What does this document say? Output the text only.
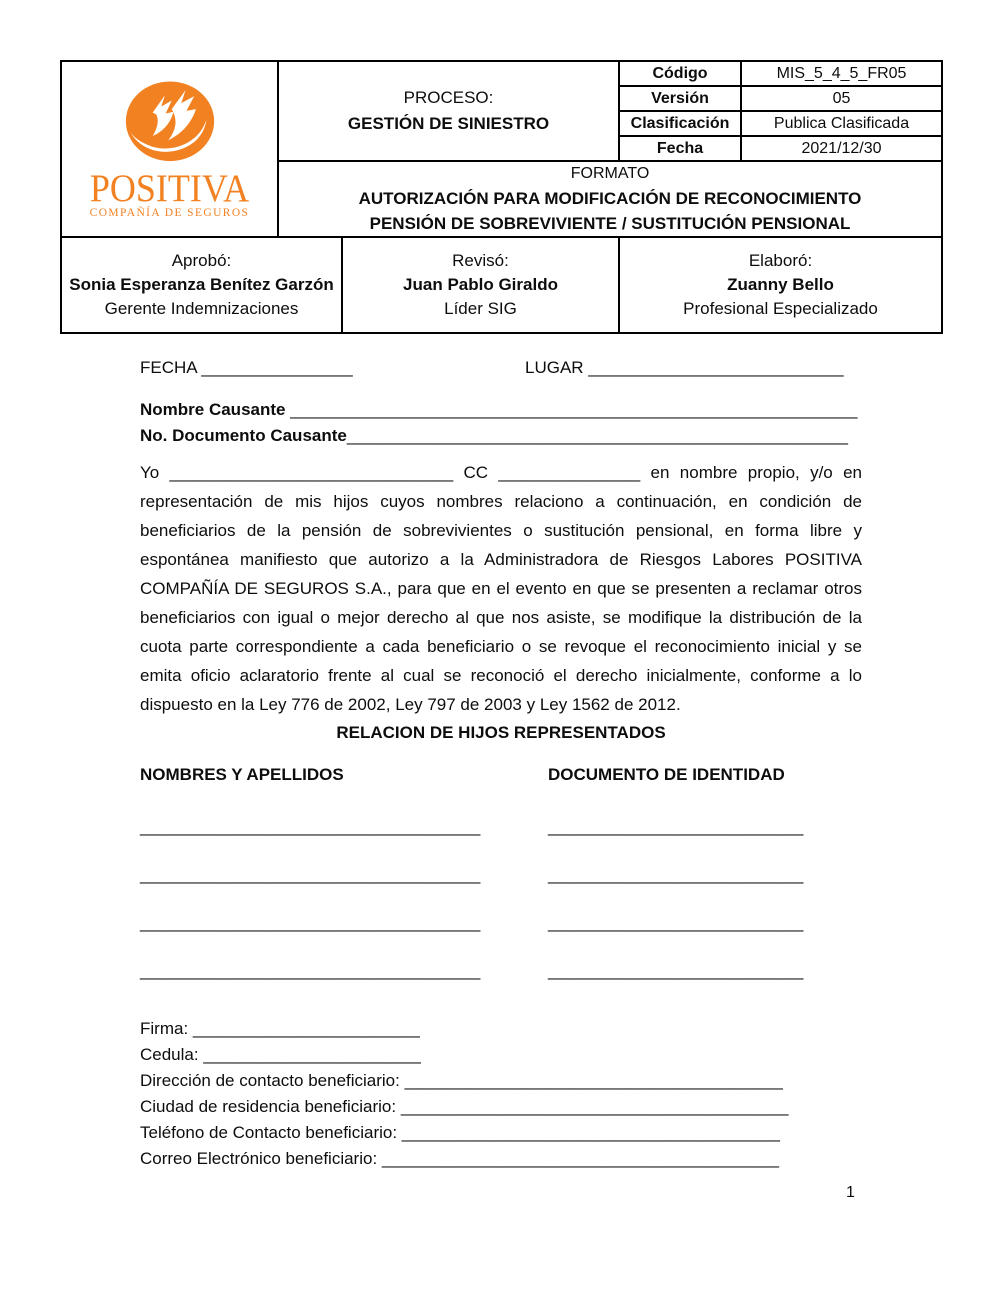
POSITIVA
COMPAÑÍA DE SEGUROS

PROCESO:
GESTIÓN DE SINIESTRO
	Código	MIS_5_4_5_FR05
			Versión	05
			Clasificación	Publica Clasificada
			Fecha	2021/12/30

	FORMATO
AUTORIZACIÓN PARA MODIFICACIÓN DE RECONOCIMIENTO
PENSIÓN DE SOBREVIVIENTE / SUSTITUCIÓN PENSIONAL			

Aprobó:
Sonia Esperanza Benítez Garzón
Gerente Indemnizaciones

Revisó:
Juan Pablo Giraldo
Líder SIG

Elaboró:
Zuanny Bello
Profesional Especializado
FECHA ________________	LUGAR ___________________________
Nombre Causante ____________________________________________________________
No. Documento Causante_____________________________________________________

Yo ______________________________ CC _______________ en nombre propio, y/o en representación de mis hijos cuyos nombres relaciono a continuación, en condición de beneficiarios de la pensión de sobrevivientes o sustitución pensional, en forma libre y espontánea manifiesto que autorizo a la Administradora de Riesgos Labores POSITIVA COMPAÑÍA DE SEGUROS S.A., para que en el evento en que se presenten a reclamar otros beneficiarios con igual o mejor derecho al que nos asiste, se modifique la distribución de la cuota parte correspondiente a cada beneficiario o se revoque el reconocimiento inicial y se emita oficio aclaratorio frente al cual se reconoció el derecho inicialmente, conforme a lo dispuesto en la Ley 776 de 2002, Ley 797 de 2003 y Ley 1562 de 2012.

RELACION DE HIJOS REPRESENTADOS
NOMBRES Y APELLIDOS	DOCUMENTO DE IDENTIDAD
____________________________________	___________________________
____________________________________	___________________________
____________________________________	___________________________
____________________________________	___________________________
Firma: ________________________
Cedula: _______________________
Dirección de contacto beneficiario: ________________________________________
Ciudad de residencia beneficiario: _________________________________________
Teléfono de Contacto beneficiario: ________________________________________
Correo Electrónico beneficiario: __________________________________________
1
